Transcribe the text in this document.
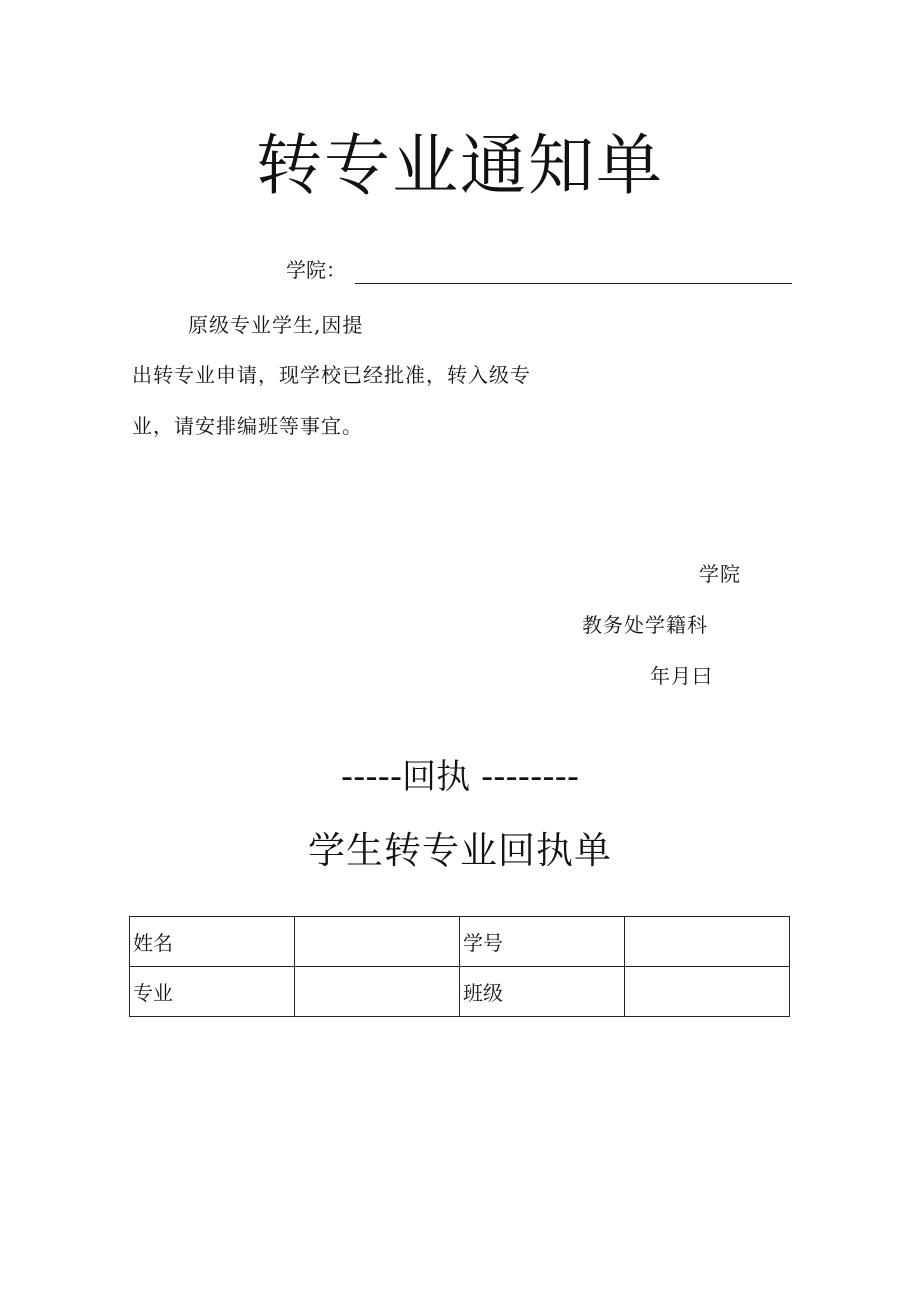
转专业通知单
学院：
原级专业学生,因提
出转专业申请，现学校已经批准，转入级专
业，请安排编班等事宜。
学院
教务处学籍科
年月曰
-----回执 --------
学生转专业回执单
姓名		学号	
专业		班级	
